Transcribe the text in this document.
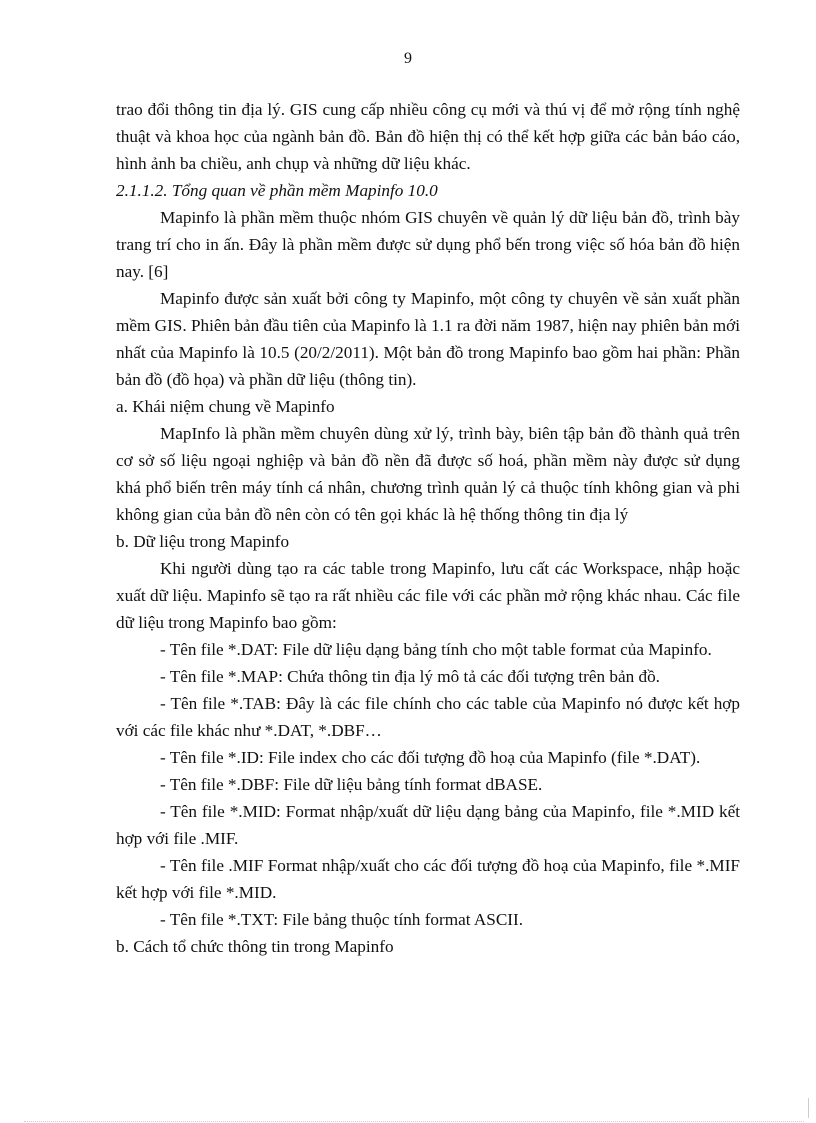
9

trao đổi thông tin địa lý. GIS cung cấp nhiều công cụ mới và thú vị để mở rộng tính nghệ thuật và khoa học của ngành bản đồ. Bản đồ hiện thị có thể kết hợp giữa các bản báo cáo, hình ảnh ba chiều, anh chụp và những dữ liệu khác.

2.1.1.2. Tổng quan về phần mềm Mapinfo 10.0

Mapinfo là phần mềm thuộc nhóm GIS chuyên về quản lý dữ liệu bản đồ, trình bày trang trí cho in ấn. Đây là phần mềm được sử dụng phổ bến trong việc số hóa bản đồ hiện nay. [6]

Mapinfo được sản xuất bởi công ty Mapinfo, một công ty chuyên về sản xuất phần mềm GIS. Phiên bản đầu tiên của Mapinfo là 1.1 ra đời năm 1987, hiện nay phiên bản mới nhất của Mapinfo là 10.5 (20/2/2011). Một bản đồ trong Mapinfo bao gồm hai phần: Phần bản đồ (đồ họa) và phần dữ liệu (thông tin).

a. Khái niệm chung về Mapinfo

MapInfo là phần mềm chuyên dùng xử lý, trình bày, biên tập bản đồ thành quả trên cơ sở số liệu ngoại nghiệp và bản đồ nền đã được số hoá, phần mềm này được sử dụng khá phổ biến trên máy tính cá nhân, chương trình quản lý cả thuộc tính không gian và phi không gian của bản đồ nên còn có tên gọi khác là hệ thống thông tin địa lý

b. Dữ liệu trong Mapinfo

Khi người dùng tạo ra các table trong Mapinfo, lưu cất các Workspace, nhập hoặc xuất dữ liệu. Mapinfo sẽ tạo ra rất nhiều các file với các phần mở rộng khác nhau. Các file dữ liệu trong Mapinfo bao gồm:

- Tên file *.DAT: File dữ liệu dạng bảng tính cho một table format của Mapinfo.

- Tên file *.MAP: Chứa thông tin địa lý mô tả các đối tượng trên bản đồ.

- Tên file *.TAB: Đây là các file chính cho các table của Mapinfo nó được kết hợp với các file khác như *.DAT, *.DBF…

- Tên file *.ID: File index cho các đối tượng đồ hoạ của Mapinfo (file *.DAT).

- Tên file *.DBF: File dữ liệu bảng tính format dBASE.

- Tên file *.MID: Format nhập/xuất dữ liệu dạng bảng của Mapinfo, file *.MID kết hợp với file .MIF.

- Tên file .MIF Format nhập/xuất cho các đối tượng đồ hoạ của Mapinfo, file *.MIF kết hợp với file *.MID.

- Tên file *.TXT: File bảng thuộc tính format ASCII.

b. Cách tổ chức thông tin trong Mapinfo
